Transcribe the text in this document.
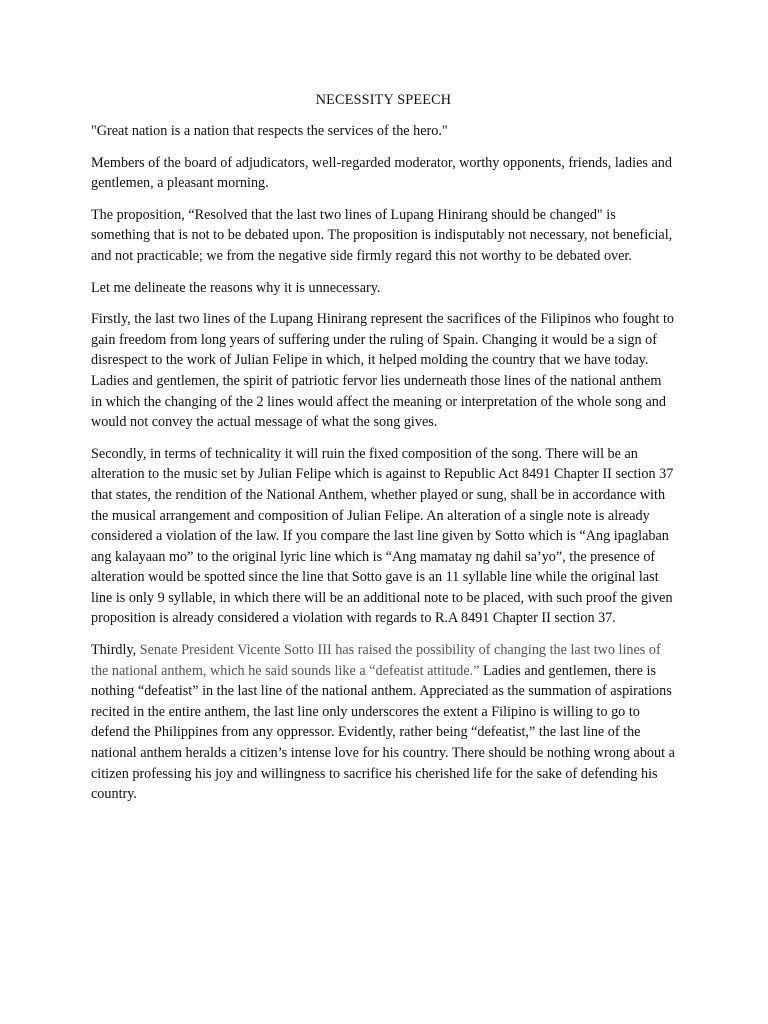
NECESSITY SPEECH

"Great nation is a nation that respects the services of the hero."

Members of the board of adjudicators, well-regarded moderator, worthy opponents, friends, ladies and gentlemen, a pleasant morning.

The proposition, “Resolved that the last two lines of Lupang Hinirang should be changed" is something that is not to be debated upon. The proposition is indisputably not necessary, not beneficial, and not practicable; we from the negative side firmly regard this not worthy to be debated over.

Let me delineate the reasons why it is unnecessary.

Firstly, the last two lines of the Lupang Hinirang represent the sacrifices of the Filipinos who fought to gain freedom from long years of suffering under the ruling of Spain. Changing it would be a sign of disrespect to the work of Julian Felipe in which, it helped molding the country that we have today. Ladies and gentlemen, the spirit of patriotic fervor lies underneath those lines of the national anthem in which the changing of the 2 lines would affect the meaning or interpretation of the whole song and would not convey the actual message of what the song gives.

Secondly, in terms of technicality it will ruin the fixed composition of the song. There will be an alteration to the music set by Julian Felipe which is against to Republic Act 8491 Chapter II section 37 that states, the rendition of the National Anthem, whether played or sung, shall be in accordance with the musical arrangement and composition of Julian Felipe. An alteration of a single note is already considered a violation of the law. If you compare the last line given by Sotto which is “Ang ipaglaban ang kalayaan mo” to the original lyric line which is “Ang mamatay ng dahil sa’yo”, the presence of alteration would be spotted since the line that Sotto gave is an 11 syllable line while the original last line is only 9 syllable, in which there will be an additional note to be placed, with such proof the given proposition is already considered a violation with regards to R.A 8491 Chapter II section 37.

Thirdly, Senate President Vicente Sotto III has raised the possibility of changing the last two lines of the national anthem, which he said sounds like a “defeatist attitude.” Ladies and gentlemen, there is nothing “defeatist” in the last line of the national anthem. Appreciated as the summation of aspirations recited in the entire anthem, the last line only underscores the extent a Filipino is willing to go to defend the Philippines from any oppressor. Evidently, rather being “defeatist,” the last line of the national anthem heralds a citizen’s intense love for his country. There should be nothing wrong about a citizen professing his joy and willingness to sacrifice his cherished life for the sake of defending his country.
